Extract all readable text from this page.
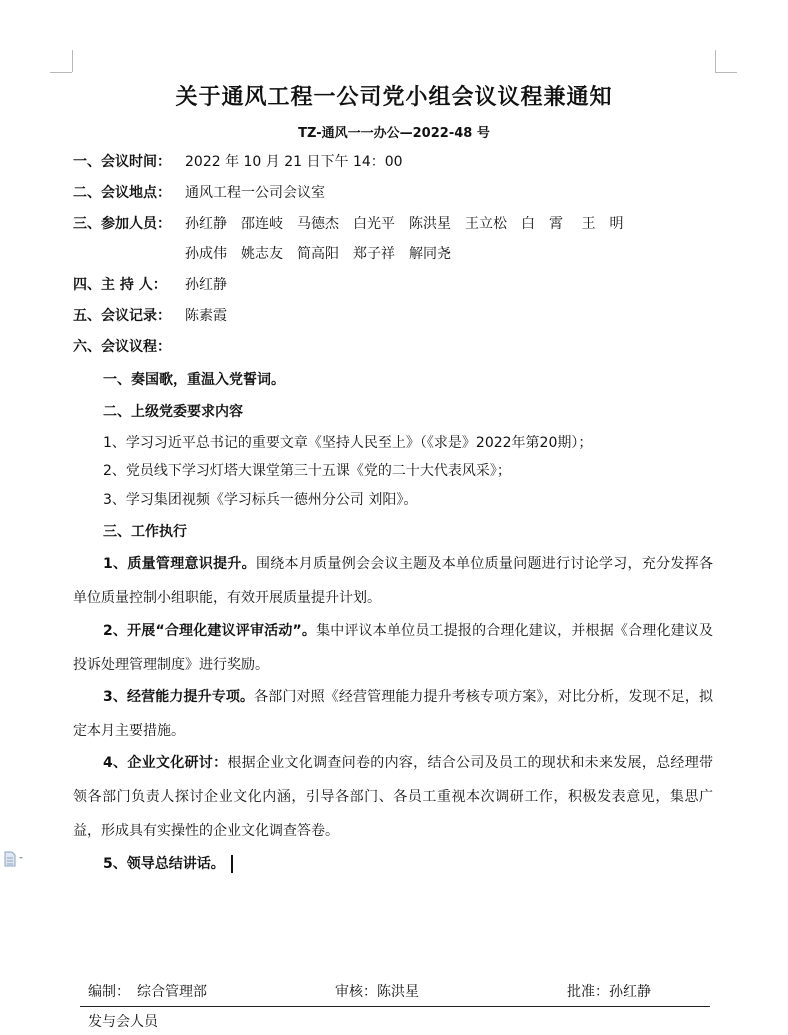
关于通风工程一公司党小组会议议程兼通知
TZ-通风一一办公—2022-48 号
一、会议时间： 2022 年 10 月 21 日下午 14：00
二、会议地点： 通风工程一公司会议室
三、参加人员： 孙红静　邵连岐　马德杰　白光平　陈洪星　王立松　白　霄　 王　明
孙成伟　姚志友　简高阳　郑子祥　解同尧
四、主 持 人： 孙红静
五、会议记录： 陈素霞
六、会议议程：
一、奏国歌，重温入党誓词。
二、上级党委要求内容
1、学习习近平总书记的重要文章《坚持人民至上》（《求是》2022年第20期）；
2、党员线下学习灯塔大课堂第三十五课《党的二十大代表风采》；
3、学习集团视频《学习标兵一德州分公司 刘阳》。
三、工作执行
1、质量管理意识提升。围绕本月质量例会会议主题及本单位质量问题进行讨论学习，充分发挥各单位质量控制小组职能，有效开展质量提升计划。
2、开展“合理化建议评审活动”。集中评议本单位员工提报的合理化建议，并根据《合理化建议及投诉处理管理制度》进行奖励。
3、经营能力提升专项。各部门对照《经营管理能力提升考核专项方案》，对比分析，发现不足，拟定本月主要措施。
4、企业文化研讨：根据企业文化调查问卷的内容，结合公司及员工的现状和未来发展，总经理带领各部门负责人探讨企业文化内涵，引导各部门、各员工重视本次调研工作，积极发表意见，集思广益，形成具有实操性的企业文化调查答卷。
5、领导总结讲话。
编制：　综合管理部	审核：陈洪星	批准：孙红静
发与会人员
